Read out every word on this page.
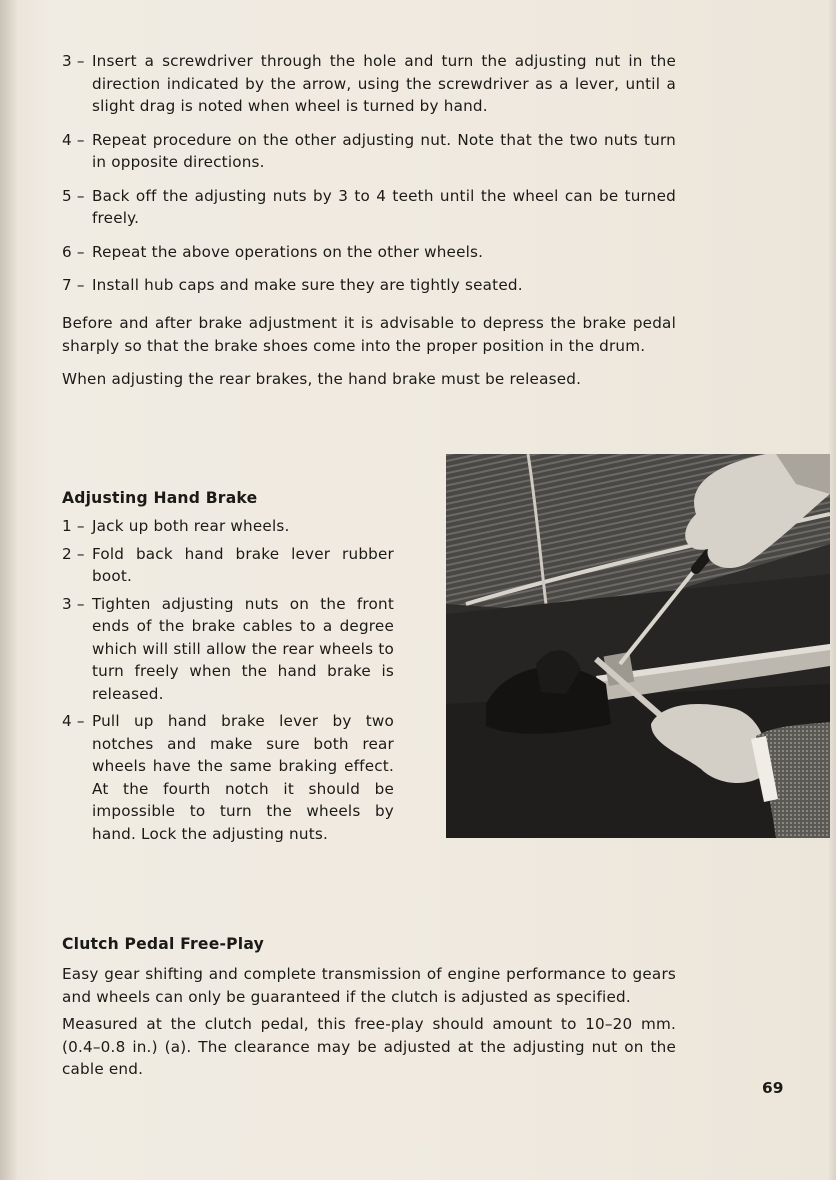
3 – Insert a screwdriver through the hole and turn the adjusting nut in the direction indicated by the arrow, using the screwdriver as a lever, until a slight drag is noted when wheel is turned by hand.
4 – Repeat procedure on the other adjusting nut. Note that the two nuts turn in opposite directions.
5 – Back off the adjusting nuts by 3 to 4 teeth until the wheel can be turned freely.
6 – Repeat the above operations on the other wheels.
7 – Install hub caps and make sure they are tightly seated.
Before and after brake adjustment it is advisable to depress the brake pedal sharply so that the brake shoes come into the proper position in the drum.
When adjusting the rear brakes, the hand brake must be released.
Adjusting Hand Brake
1 – Jack up both rear wheels.
2 – Fold back hand brake lever rubber boot.
3 – Tighten adjusting nuts on the front ends of the brake cables to a degree which will still allow the rear wheels to turn freely when the hand brake is released.
4 – Pull up hand brake lever by two notches and make sure both rear wheels have the same braking effect. At the fourth notch it should be impossible to turn the wheels by hand. Lock the adjusting nuts.
Clutch Pedal Free-Play
Easy gear shifting and complete transmission of engine performance to gears and wheels can only be guaranteed if the clutch is adjusted as specified.
Measured at the clutch pedal, this free-play should amount to 10–20 mm. (0.4–0.8 in.) (a). The clearance may be adjusted at the adjusting nut on the cable end.
69
